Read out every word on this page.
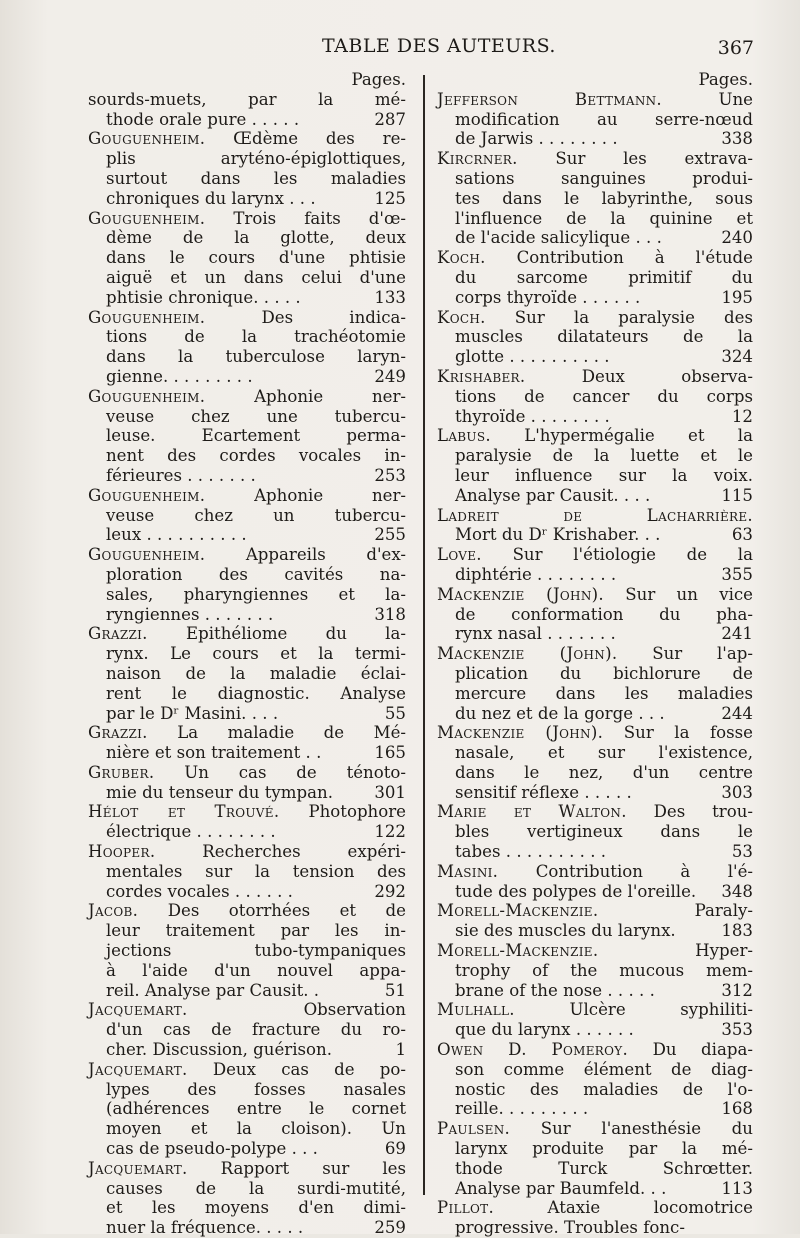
TABLE DES AUTEURS.	367
Pages.

sourds-muets, par la mé-

thode orale pure . . . . .	287

Gouguenheim. Œdème des re-

plis aryténo-épiglottiques,

surtout dans les maladies

chroniques du larynx . . .	125

Gouguenheim. Trois faits d'œ-

dème de la glotte, deux

dans le cours d'une phtisie

aiguë et un dans celui d'une

phtisie chronique. . . . .	133

Gouguenheim.	Des indica-

tions de la trachéotomie

dans la tuberculose laryn-

gienne. . . . . . . . .	249

Gouguenheim.	Aphonie ner-

veuse chez une tubercu-

leuse. Ecartement perma-

nent des cordes vocales in-

férieures . . . . . . .	253

Gouguenheim.	Aphonie ner-

veuse chez un tubercu-

leux . . . . . . . . . .	255

Gouguenheim. Appareils d'ex-

ploration des cavités na-

sales, pharyngiennes et la-

ryngiennes . . . . . . .	318

Grazzi. Epithéliome du la-

rynx. Le cours et la termi-

naison de la maladie éclai-

rent le diagnostic. Analyse

par le Dʳ Masini. . . .	55

Grazzi. La maladie de Mé-

nière et son traitement . .	165

Gruber. Un cas de ténoto-

mie du tenseur du tympan.	301

Hélot et Trouvé. Photophore

électrique . . . . . . . .	122

Hooper.	Recherches expéri-

mentales sur la tension des

cordes vocales . . . . . .	292

Jacob. Des otorrhées et de

leur traitement par les in-

jections tubo-tympaniques

à l'aide d'un nouvel appa-

reil. Analyse par Causit. .	51

Jacquemart.	Observation

d'un cas de fracture du ro-

cher. Discussion, guérison.	1

Jacquemart. Deux cas de po-

lypes des fosses nasales

(adhérences entre le cornet

moyen et la cloison). Un

cas de pseudo-polype . . .	69

Jacquemart. Rapport sur les

causes de la surdi-mutité,

et les moyens d'en dimi-

nuer la fréquence. . . . .	259

Pages.

Jefferson Bettmann.	Une

modification au serre-nœud

de Jarwis . . . . . . . .	338

Kircrner. Sur les extrava-

sations sanguines produi-

tes dans le labyrinthe, sous

l'influence de la quinine et

de l'acide salicylique . . .	240

Koch. Contribution à l'étude

du sarcome primitif du

corps thyroïde . . . . . .	195

Koch. Sur la paralysie des

muscles dilatateurs de la

glotte . . . . . . . . . .	324

Krishaber.	Deux observa-

tions de cancer du corps

thyroïde . . . . . . . .	12

Labus. L'hypermégalie et la

paralysie de la luette et le

leur influence sur la voix.

Analyse par Causit. . . .	115

Ladreit de Lacharrière.

Mort du Dʳ Krishaber. . .	63

Love. Sur l'étiologie de la

diphtérie . . . . . . . .	355

Mackenzie (John). Sur un vice

de conformation du pha-

rynx nasal . . . . . . .	241

Mackenzie (John). Sur l'ap-

plication du bichlorure de

mercure dans les maladies

du nez et de la gorge . . .	244

Mackenzie (John). Sur la fosse

nasale, et sur l'existence,

dans le nez, d'un centre

sensitif réflexe . . . . .	303

Marie et Walton. Des trou-

bles vertigineux dans le

tabes . . . . . . . . . .	53

Masini. Contribution à l'é-

tude des polypes de l'oreille.	348

Morell-Mackenzie.	Paraly-

sie des muscles du larynx.	183

Morell-Mackenzie.	Hyper-

trophy of the mucous mem-

brane of the nose . . . . .	312

Mulhall.	Ulcère syphiliti-

que du larynx . . . . . .	353

Owen D. Pomeroy. Du diapa-

son comme élément de diag-

nostic des maladies de l'o-

reille. . . . . . . . .	168

Paulsen. Sur l'anesthésie du

larynx produite par la mé-

thode Turck Schrœtter.

Analyse par Baumfeld. . .	113

Pillot.	Ataxie locomotrice

progressive. Troubles fonc-
